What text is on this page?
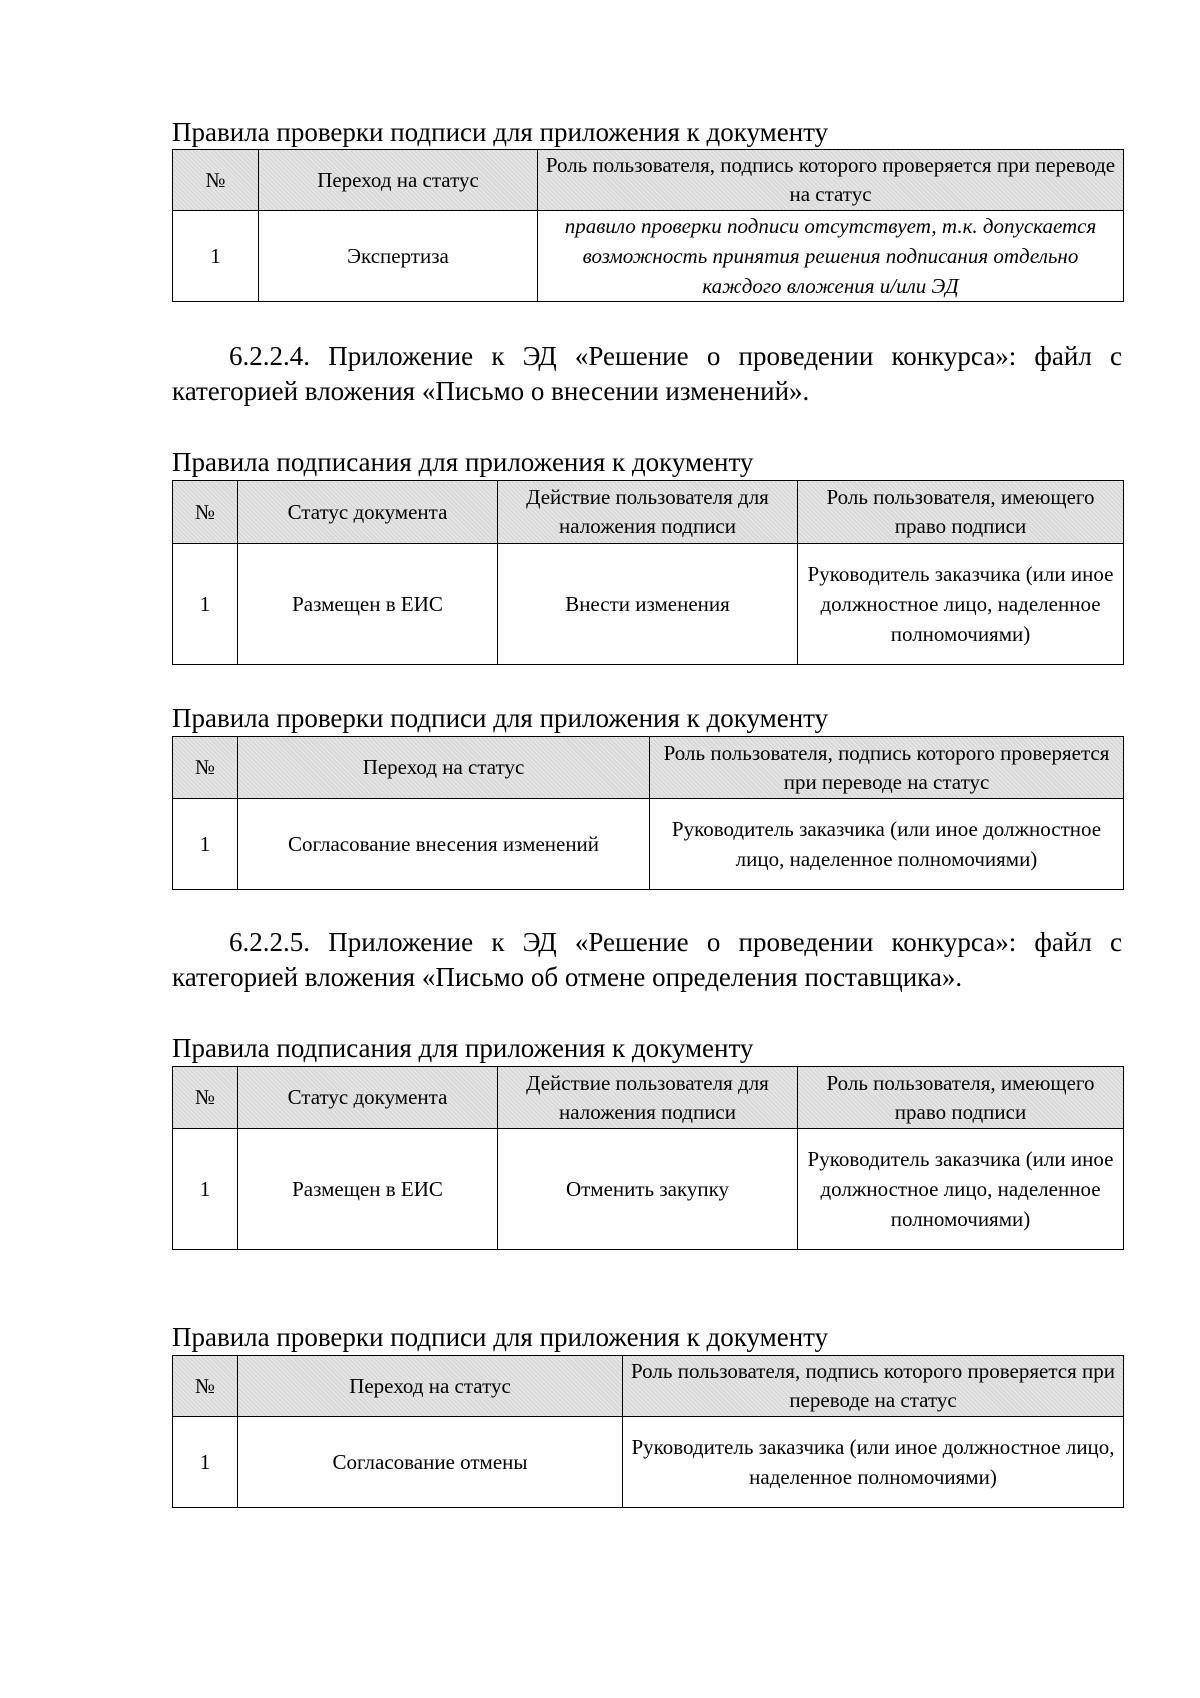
Правила проверки подписи для приложения к документу
№	Переход на статус	Роль пользователя, подпись которого проверяется при переводе на статус
1	Экспертиза	правило проверки подписи отсутствует, т.к. допускается возможность принятия решения подписания отдельно каждого вложения и/или ЭД
6.2.2.4. Приложение к ЭД «Решение о проведении конкурса»: файл с категорией вложения «Письмо о внесении изменений».
Правила подписания для приложения к документу
№	Статус документа	Действие пользователя для наложения подписи	Роль пользователя, имеющего право подписи
1	Размещен в ЕИС	Внести изменения	Руководитель заказчика (или иное должностное лицо, наделенное полномочиями)
Правила проверки подписи для приложения к документу
№	Переход на статус	Роль пользователя, подпись которого проверяется при переводе на статус
1	Согласование внесения изменений	Руководитель заказчика (или иное должностное лицо, наделенное полномочиями)
6.2.2.5. Приложение к ЭД «Решение о проведении конкурса»: файл с категорией вложения «Письмо об отмене определения поставщика».
Правила подписания для приложения к документу
№	Статус документа	Действие пользователя для наложения подписи	Роль пользователя, имеющего право подписи
1	Размещен в ЕИС	Отменить закупку	Руководитель заказчика (или иное должностное лицо, наделенное полномочиями)
Правила проверки подписи для приложения к документу
№	Переход на статус	Роль пользователя, подпись которого проверяется при переводе на статус
1	Согласование отмены	Руководитель заказчика (или иное должностное лицо, наделенное полномочиями)
